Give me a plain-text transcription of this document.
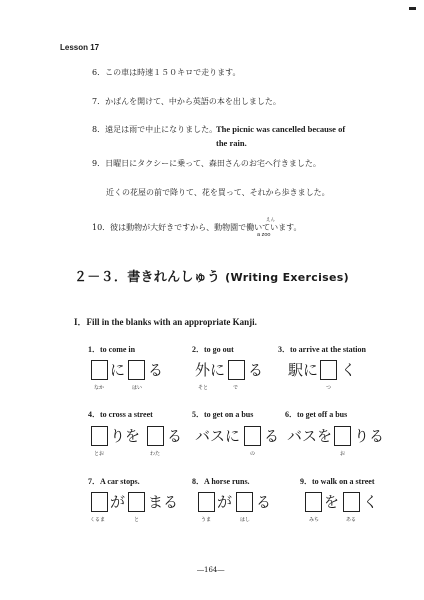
Lesson 17
6．この車は時速１５０キロで走ります。
7．かばんを開けて、中から英語の本を出しました。
8．遠足は雨で中止になりました。
The picnic was cancelled because of
the rain.
9．日曜日にタクシーに乗って、森田さんのお宅へ行きました。
近くの花屋の前で降りて、花を買って、それから歩きました。
10．彼は動物が大好きですから、動物園で働いています。
えん
a zoo
２－３．書きれんしゅう (Writing Exercises)
I．Fill in the blanks with an appropriate Kanji.
1．to come in
に る
なか	はい
2．to go out
外に る
そと	で
3．to arrive at the station
駅に く
つ
4．to cross a street
りを る
とお	わた
5．to get on a bus
バスに る
の
6．to get off a bus
バスを りる
お
7．A car stops.
が まる
くるま	と
8．A horse runs.
が る
うま	はし
9．to walk on a street
を く
みち	ある
―164―
